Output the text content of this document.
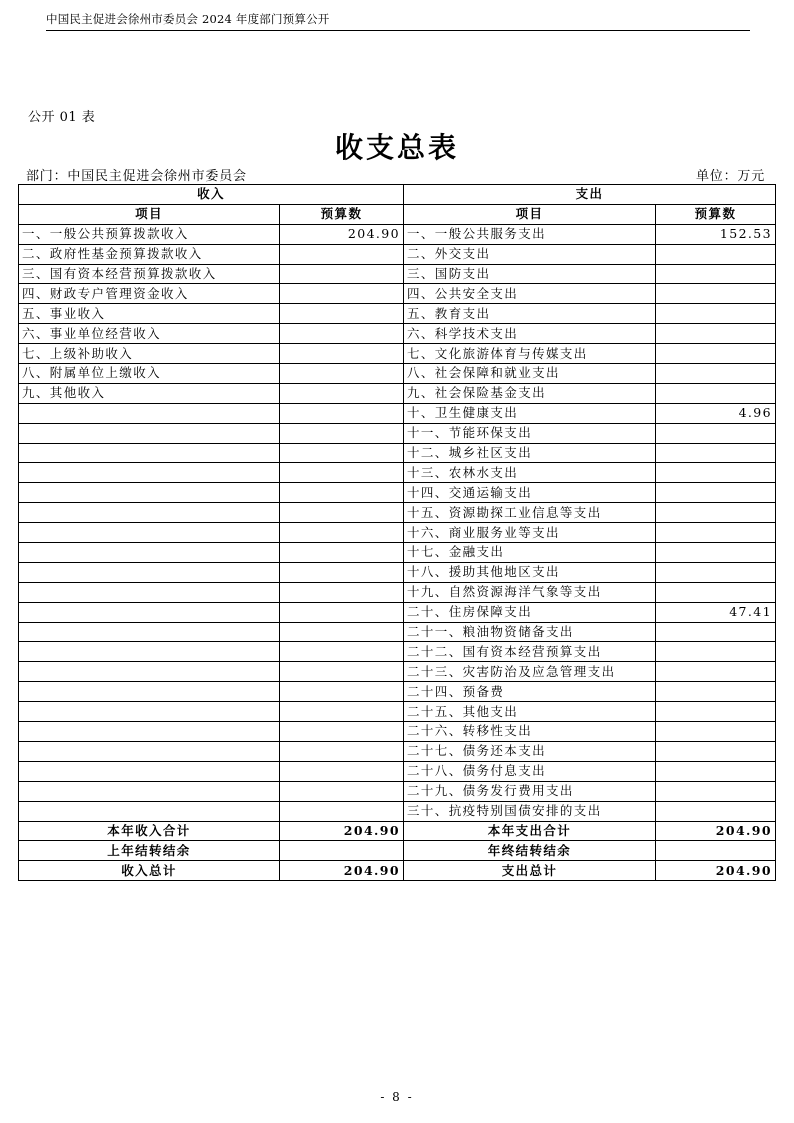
中国民主促进会徐州市委员会 2024 年度部门预算公开
公开 01 表
收支总表
部门：中国民主促进会徐州市委员会	单位：万元
收入		支出	
项目	预算数	项目	预算数
一、一般公共预算拨款收入	204.90	一、一般公共服务支出	152.53
二、政府性基金预算拨款收入		二、外交支出	
三、国有资本经营预算拨款收入		三、国防支出	
四、财政专户管理资金收入		四、公共安全支出	
五、事业收入		五、教育支出	
六、事业单位经营收入		六、科学技术支出	
七、上级补助收入		七、文化旅游体育与传媒支出	
八、附属单位上缴收入		八、社会保障和就业支出	
九、其他收入		九、社会保险基金支出	
		十、卫生健康支出	4.96
		十一、节能环保支出	
		十二、城乡社区支出	
		十三、农林水支出	
		十四、交通运输支出	
		十五、资源勘探工业信息等支出	
		十六、商业服务业等支出	
		十七、金融支出	
		十八、援助其他地区支出	
		十九、自然资源海洋气象等支出	
		二十、住房保障支出	47.41
		二十一、粮油物资储备支出	
		二十二、国有资本经营预算支出	
		二十三、灾害防治及应急管理支出	
		二十四、预备费	
		二十五、其他支出	
		二十六、转移性支出	
		二十七、债务还本支出	
		二十八、债务付息支出	
		二十九、债务发行费用支出	
		三十、抗疫特别国债安排的支出	
本年收入合计	204.90	本年支出合计	204.90
上年结转结余		年终结转结余	
收入总计	204.90	支出总计	204.90
- 8 -
